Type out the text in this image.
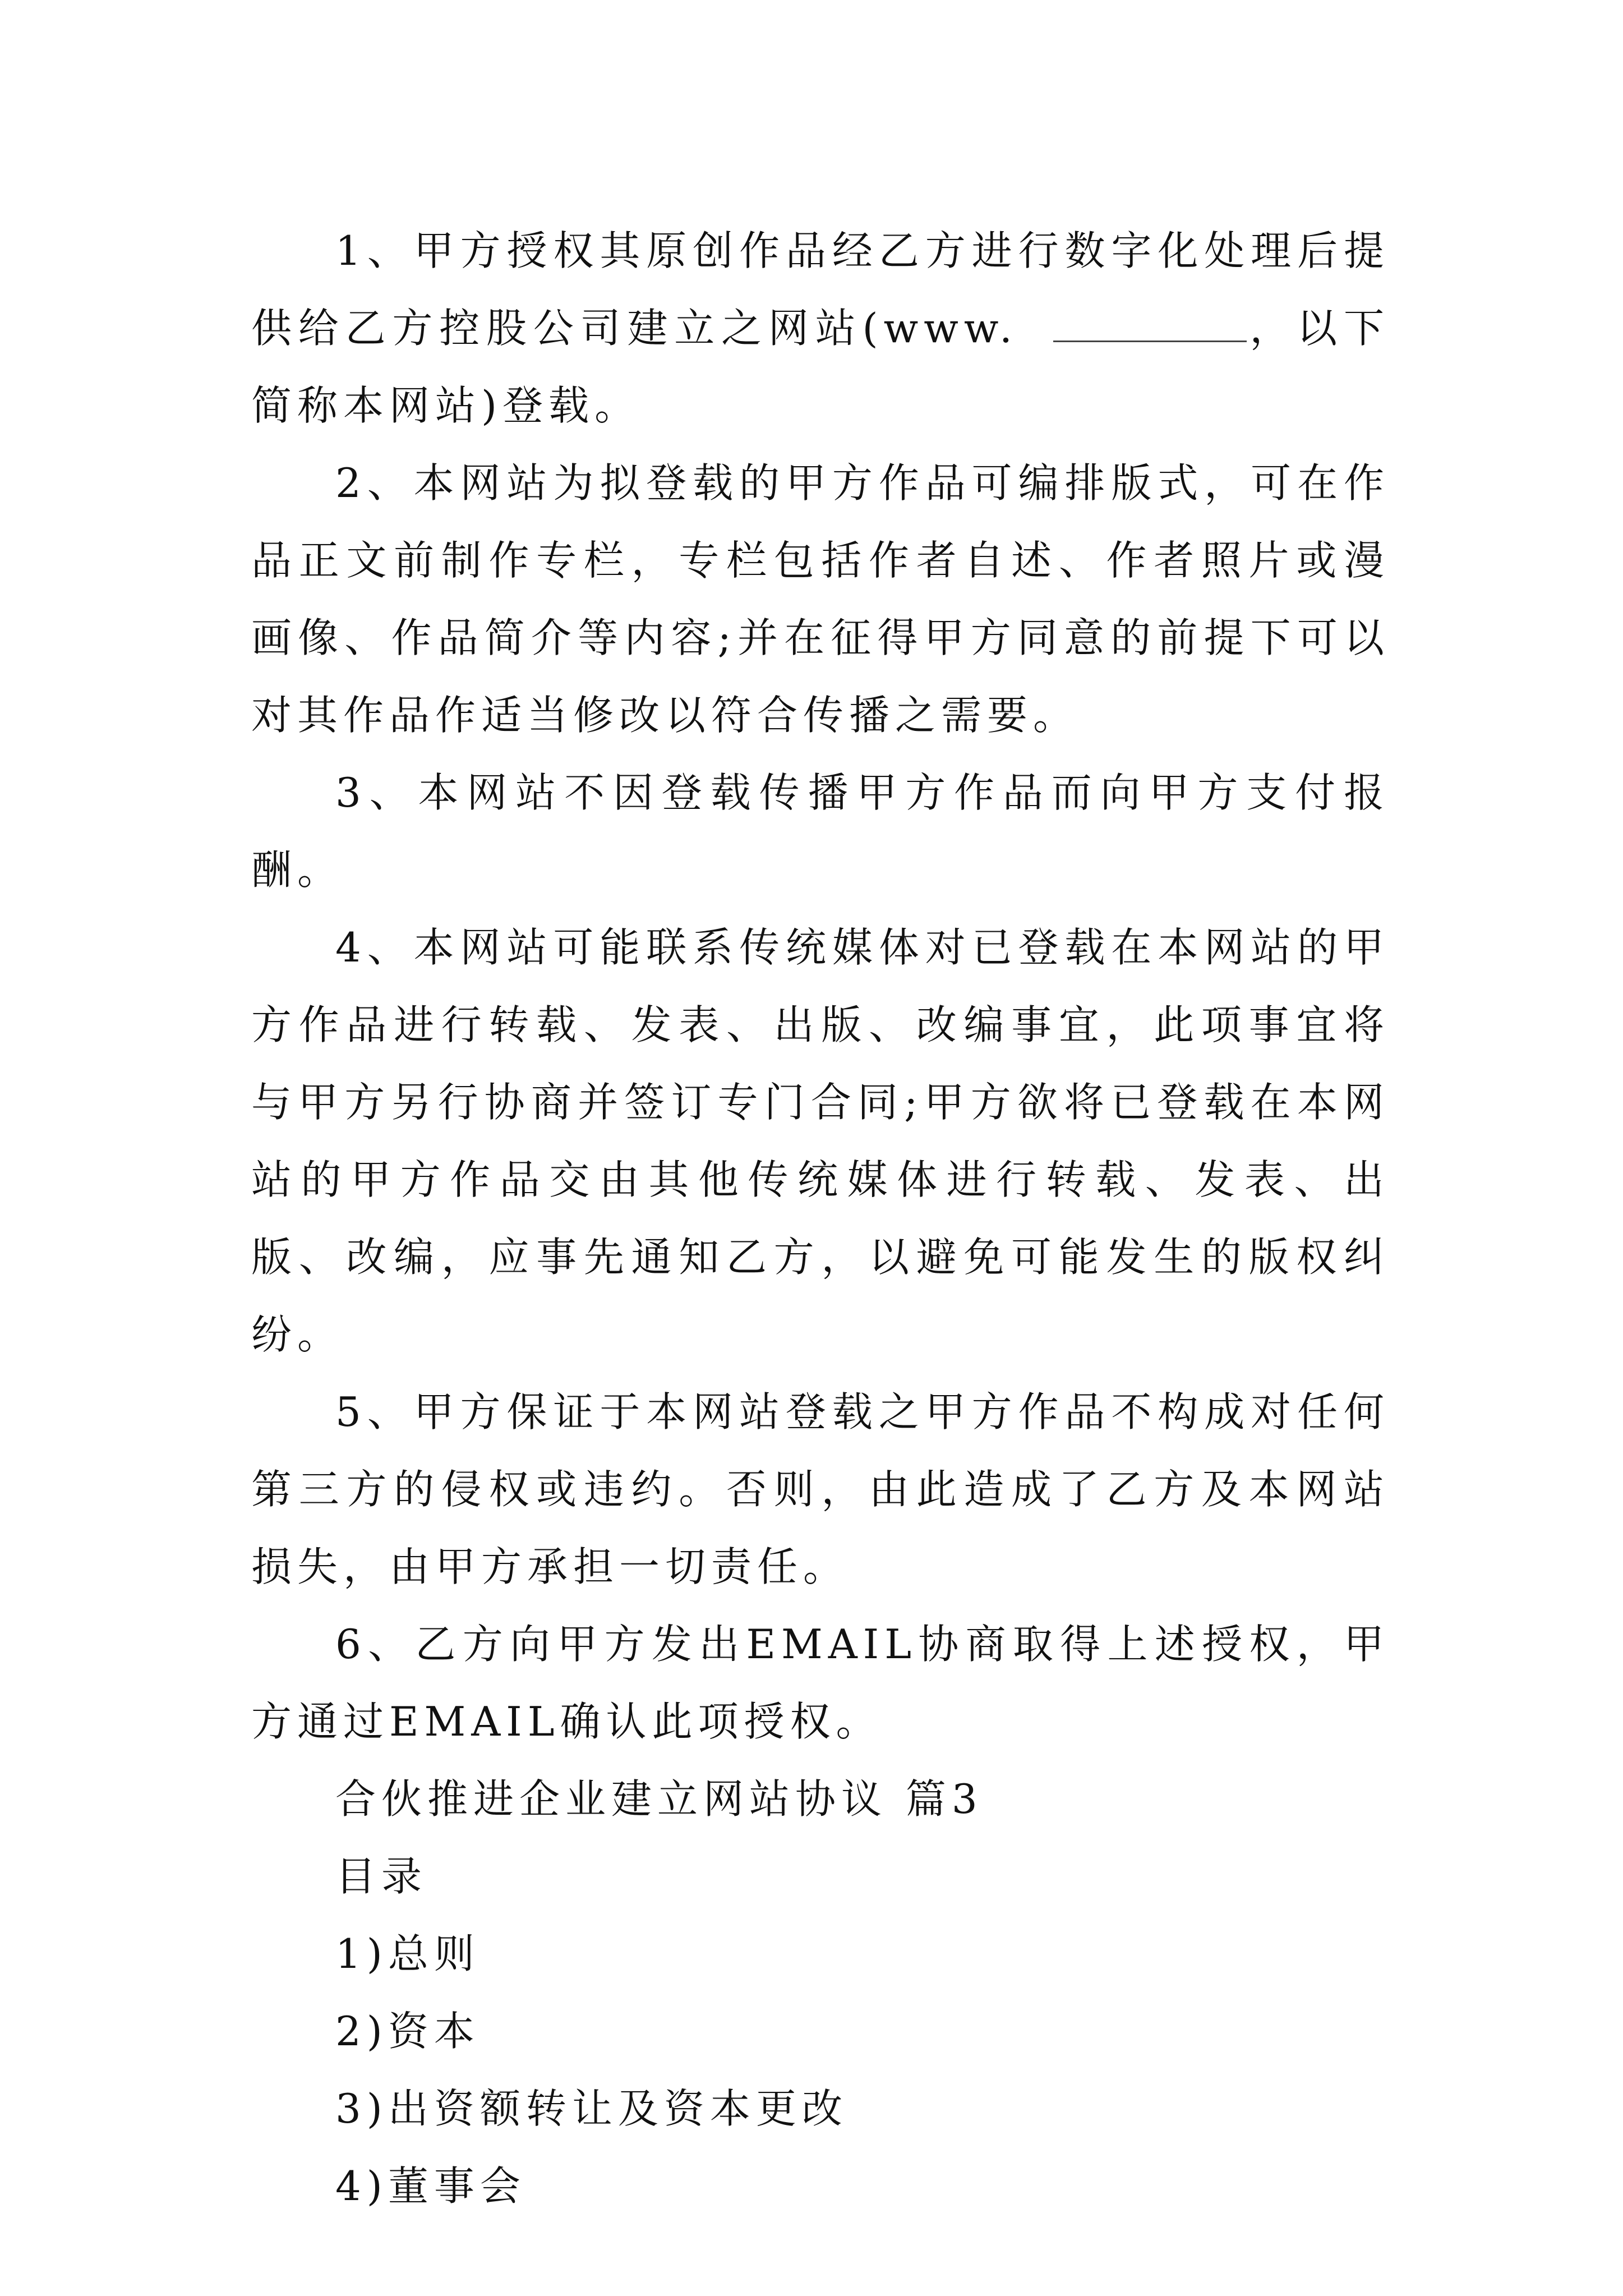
1、甲方授权其原创作品经乙方进行数字化处理后提供给乙方控股公司建立之网站(www.	，以下简称本网站)登载。

2、本网站为拟登载的甲方作品可编排版式，可在作品正文前制作专栏，专栏包括作者自述、作者照片或漫画像、作品简介等内容;并在征得甲方同意的前提下可以对其作品作适当修改以符合传播之需要。

3、本网站不因登载传播甲方作品而向甲方支付报酬。

4、本网站可能联系传统媒体对已登载在本网站的甲方作品进行转载、发表、出版、改编事宜，此项事宜将与甲方另行协商并签订专门合同;甲方欲将已登载在本网站的甲方作品交由其他传统媒体进行转载、发表、出版、改编，应事先通知乙方，以避免可能发生的版权纠纷。

5、甲方保证于本网站登载之甲方作品不构成对任何第三方的侵权或违约。否则，由此造成了乙方及本网站损失，由甲方承担一切责任。

6、乙方向甲方发出EMAIL协商取得上述授权，甲方通过EMAIL确认此项授权。

合伙推进企业建立网站协议 篇3

目录

1)总则

2)资本

3)出资额转让及资本更改

4)董事会
